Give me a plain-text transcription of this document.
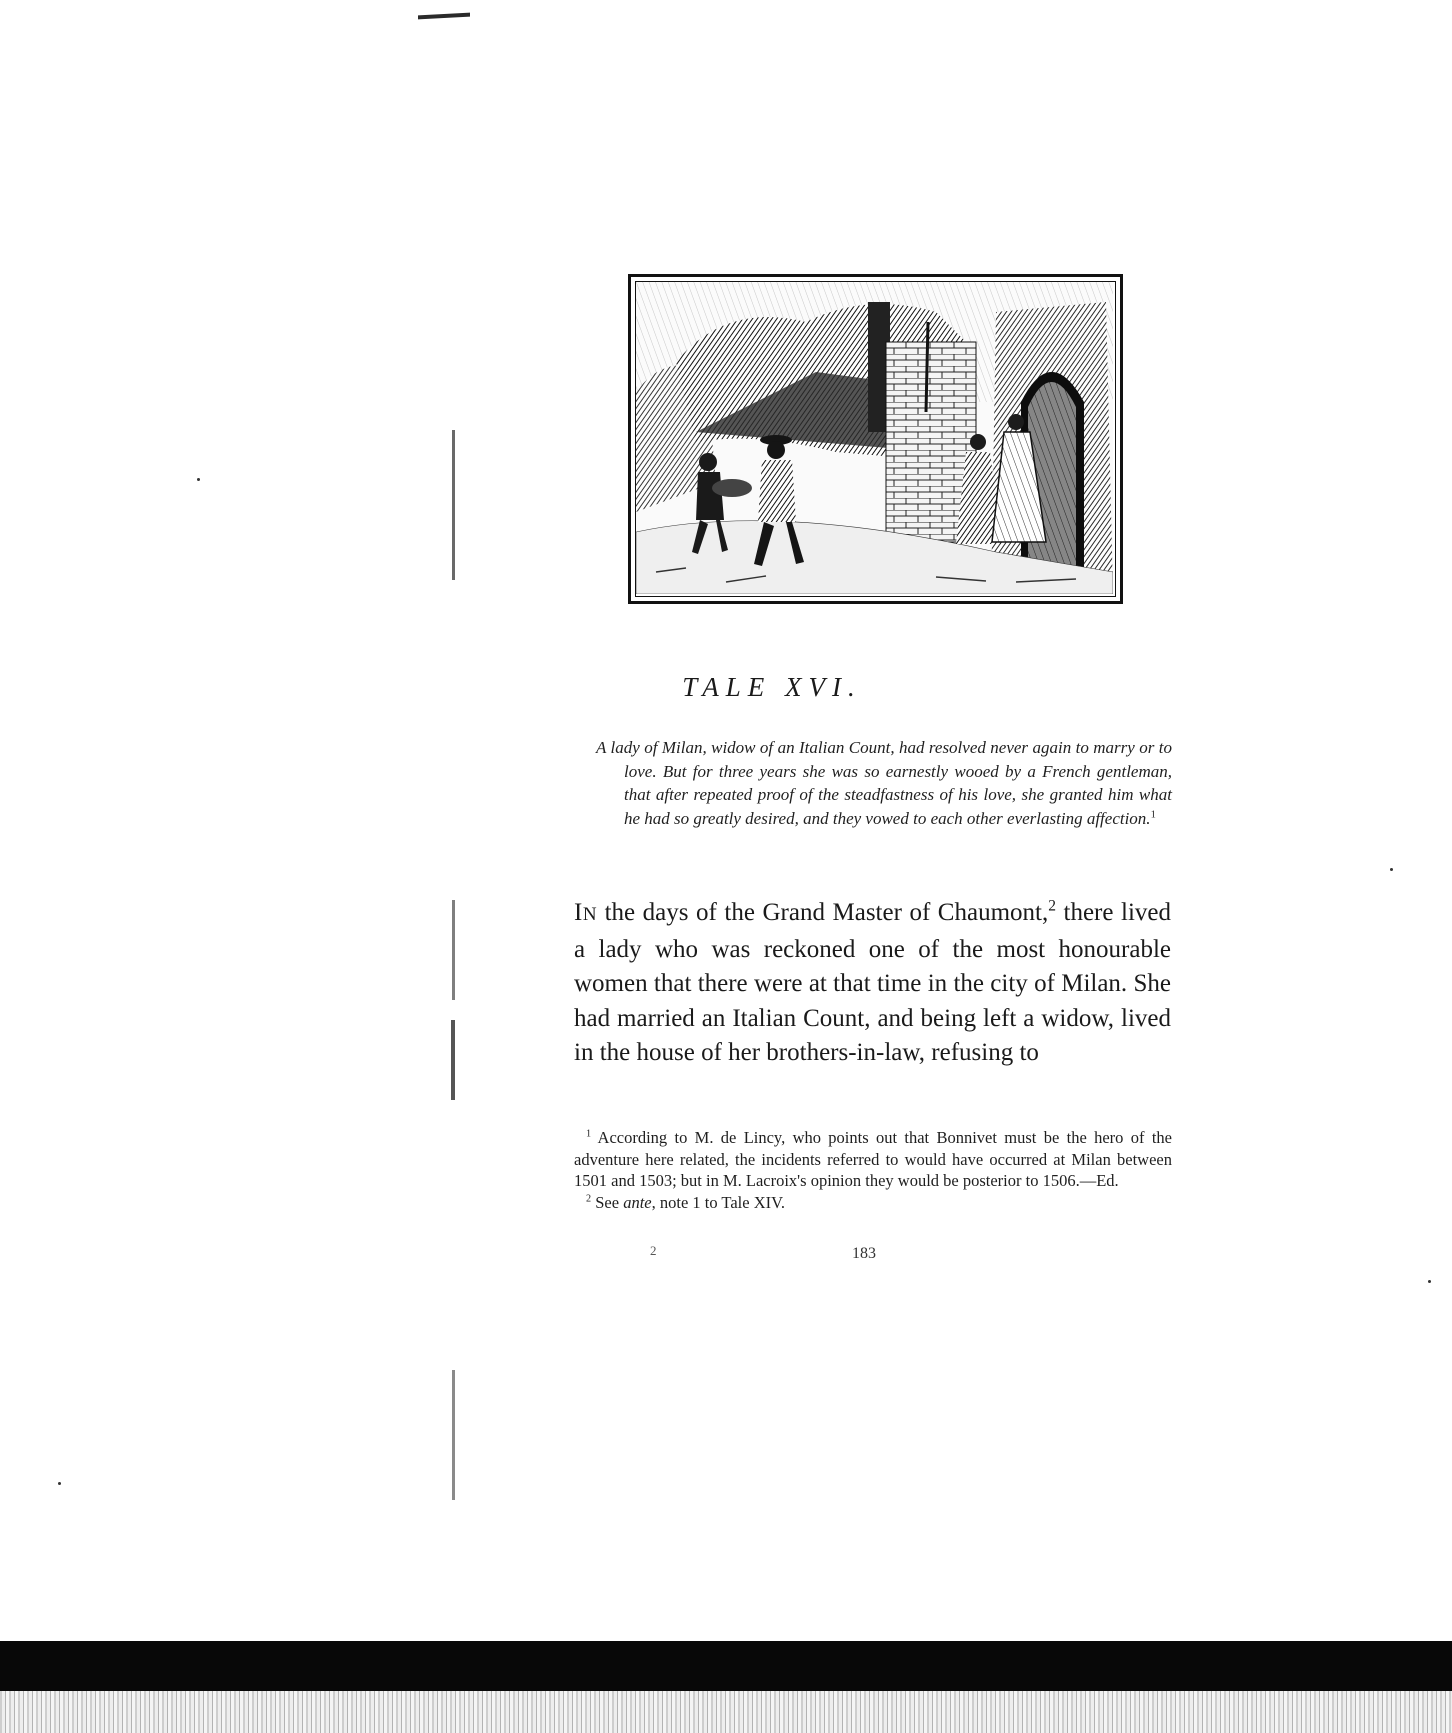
TALE XVI.
A lady of Milan, widow of an Italian Count, had resolved never again to marry or to love. But for three years she was so earnestly wooed by a French gentleman, that after repeated proof of the steadfastness of his love, she granted him what he had so greatly desired, and they vowed to each other everlasting affection.$^1$
IN the days of the Grand Master of Chaumont,$^2$ there lived a lady who was reckoned one of the most honourable women that there were at that time in the city of Milan. She had married an Italian Count, and being left a widow, lived in the house of her brothers-in-law, refusing to

$^1$ According to M. de Lincy, who points out that Bonnivet must be the hero of the adventure here related, the incidents referred to would have occurred at Milan between 1501 and 1503; but in M. Lacroix's opinion they would be posterior to 1506.—Ed.

$^2$ See ante, note 1 to Tale XIV.

2	183
